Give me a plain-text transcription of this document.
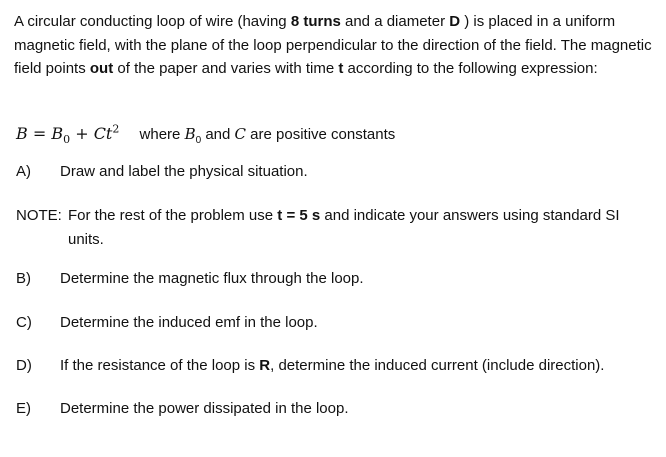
A circular conducting loop of wire (having 8 turns and a diameter D ) is placed in a uniform magnetic field, with the plane of the loop perpendicular to the direction of the field. The magnetic field points out of the paper and varies with time t according to the following expression:

$B = B_0 + Ct^2$ where $B_0$ and C are positive constants
A) Draw and label the physical situation.
NOTE: For the rest of the problem use t = 5 s and indicate your answers using standard SI
units.
B) Determine the magnetic flux through the loop.
C) Determine the induced emf in the loop.
D) If the resistance of the loop is R, determine the induced current (include direction).
E) Determine the power dissipated in the loop.
